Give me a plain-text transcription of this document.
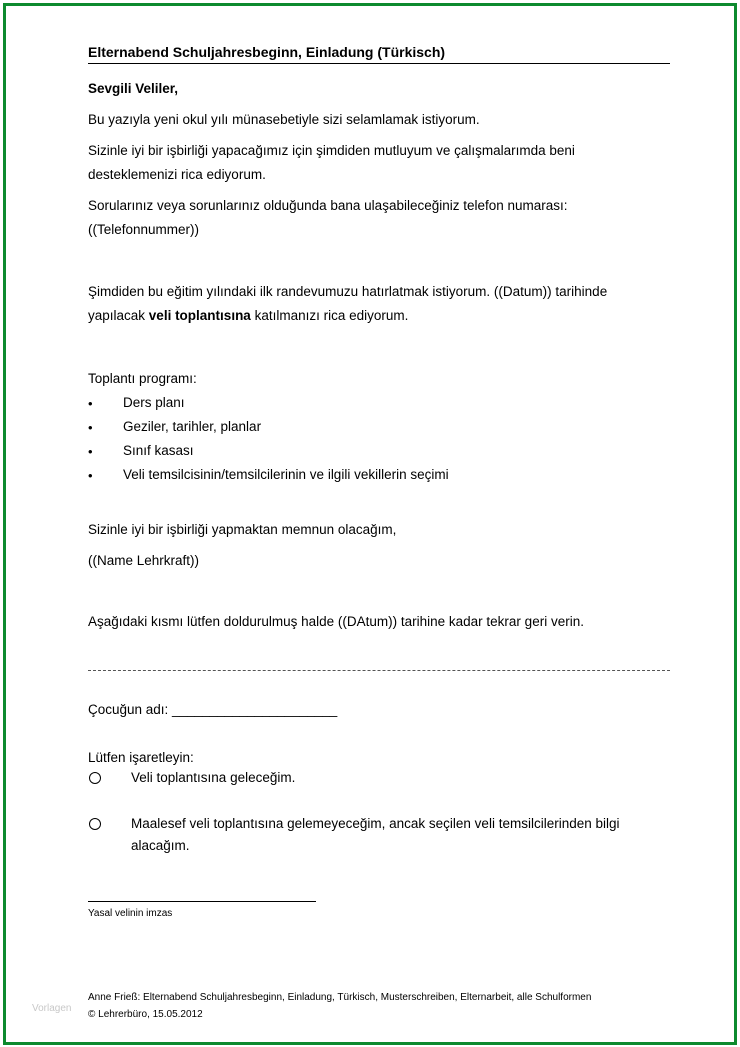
Elternabend Schuljahresbeginn, Einladung (Türkisch)
Sevgili Veliler,
Bu yazıyla yeni okul yılı münasebetiyle sizi selamlamak istiyorum.
Sizinle iyi bir işbirliği yapacağımız için şimdiden mutluyum ve çalışmalarımda beni
desteklemenizi rica ediyorum.
Sorularınız veya sorunlarınız olduğunda bana ulaşabileceğiniz telefon numarası:
((Telefonnummer))
Şimdiden bu eğitim yılındaki ilk randevumuzu hatırlatmak istiyorum. ((Datum)) tarihinde
yapılacak veli toplantısına katılmanızı rica ediyorum.
Toplantı programı:
• Ders planı
• Geziler, tarihler, planlar
• Sınıf kasası
• Veli temsilcisinin/temsilcilerinin ve ilgili vekillerin seçimi
Sizinle iyi bir işbirliği yapmaktan memnun olacağım,
((Name Lehrkraft))
Aşağıdaki kısmı lütfen doldurulmuş halde ((DAtum)) tarihine kadar tekrar geri verin.
Çocuğun adı: ______________________
Lütfen işaretleyin:
Veli toplantısına geleceğim.
Maalesef veli toplantısına gelemeyeceğim, ancak seçilen veli temsilcilerinden bilgi
alacağım.
Yasal velinin imzas
Anne Frieß: Elternabend Schuljahresbeginn, Einladung, Türkisch, Musterschreiben, Elternarbeit, alle Schulformen
© Lehrerbüro, 15.05.2012
Vorlagen
